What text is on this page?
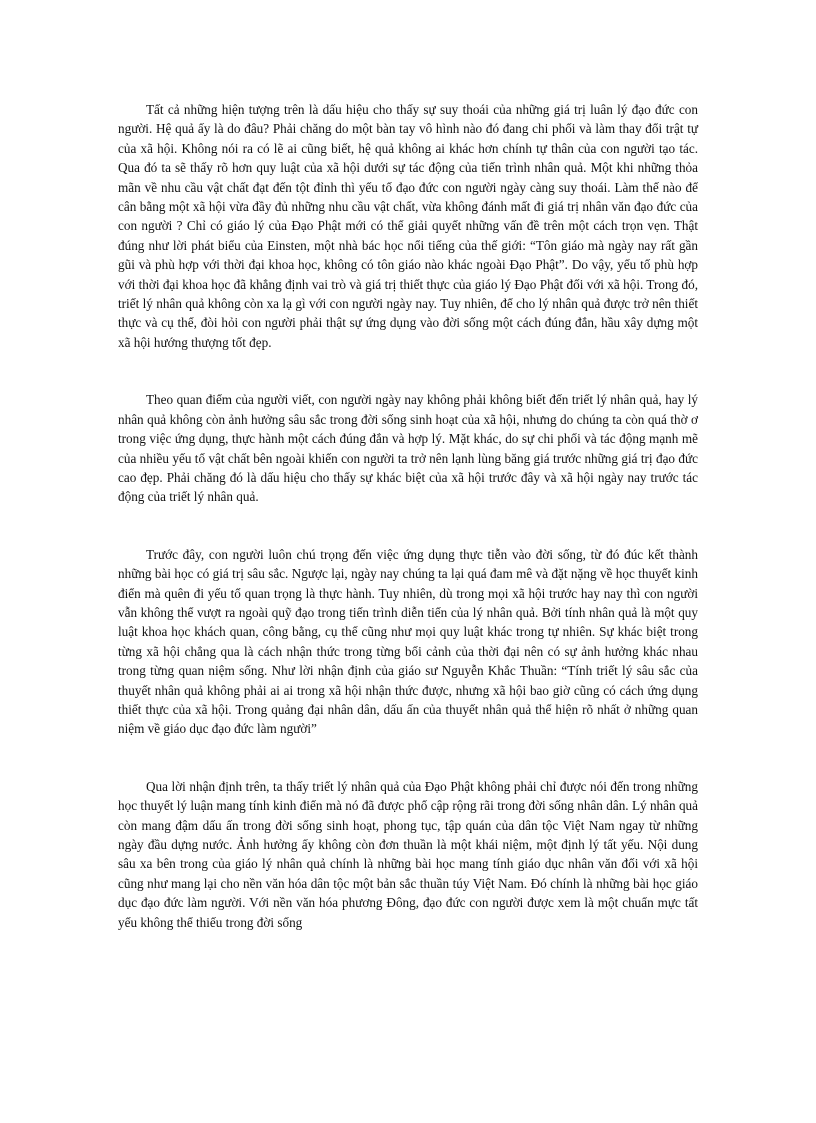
Tất cả những hiện tượng trên là dấu hiệu cho thấy sự suy thoái của những giá trị luân lý đạo đức con người. Hệ quả ấy là do đâu? Phải chăng do một bàn tay vô hình nào đó đang chi phối và làm thay đổi trật tự của xã hội. Không nói ra có lẽ ai cũng biết, hệ quả không ai khác hơn chính tự thân của con người tạo tác. Qua đó ta sẽ thấy rõ hơn quy luật của xã hội dưới sự tác động của tiến trình nhân quả. Một khi những thỏa mãn về nhu cầu vật chất đạt đến tột đỉnh thì yếu tố đạo đức con người ngày càng suy thoái. Làm thế nào để cân bằng một xã hội vừa đầy đủ những nhu cầu vật chất, vừa không đánh mất đi giá trị nhân văn đạo đức của con người ? Chỉ có giáo lý của Đạo Phật mới có thể giải quyết những vấn đề trên một cách trọn vẹn. Thật đúng như lời phát biểu của Einsten, một nhà bác học nổi tiếng của thế giới: “Tôn giáo mà ngày nay rất gần gũi và phù hợp với thời đại khoa học, không có tôn giáo nào khác ngoài Đạo Phật”. Do vậy, yếu tố phù hợp với thời đại khoa học đã khẳng định vai trò và giá trị thiết thực của giáo lý Đạo Phật đối với xã hội. Trong đó, triết lý nhân quả không còn xa lạ gì với con người ngày nay. Tuy nhiên, để cho lý nhân quả được trở nên thiết thực và cụ thể, đòi hỏi con người phải thật sự ứng dụng vào đời sống một cách đúng đắn, hầu xây dựng một xã hội hướng thượng tốt đẹp.

Theo quan điểm của người viết, con người ngày nay không phải không biết đến triết lý nhân quả, hay lý nhân quả không còn ảnh hưởng sâu sắc trong đời sống sinh hoạt của xã hội, nhưng do chúng ta còn quá thờ ơ trong việc ứng dụng, thực hành một cách đúng đắn và hợp lý. Mặt khác, do sự chi phối và tác động mạnh mẽ của nhiều yếu tố vật chất bên ngoài khiến con người ta trở nên lạnh lùng băng giá trước những giá trị đạo đức cao đẹp. Phải chăng đó là dấu hiệu cho thấy sự khác biệt của xã hội trước đây và xã hội ngày nay trước tác động của triết lý nhân quả.

Trước đây, con người luôn chú trọng đến việc ứng dụng thực tiễn vào đời sống, từ đó đúc kết thành những bài học có giá trị sâu sắc. Ngược lại, ngày nay chúng ta lại quá đam mê và đặt nặng về học thuyết kinh điển mà quên đi yếu tố quan trọng là thực hành. Tuy nhiên, dù trong mọi xã hội trước hay nay thì con người vẫn không thể vượt ra ngoài quỹ đạo trong tiến trình diễn tiến của lý nhân quả. Bởi tính nhân quả là một quy luật khoa học khách quan, công bằng, cụ thể cũng như mọi quy luật khác trong tự nhiên. Sự khác biệt trong từng xã hội chẳng qua là cách nhận thức trong từng bối cảnh của thời đại nên có sự ảnh hưởng khác nhau trong từng quan niệm sống. Như lời nhận định của giáo sư Nguyễn Khắc Thuần: “Tính triết lý sâu sắc của thuyết nhân quả không phải ai ai trong xã hội nhận thức được, nhưng xã hội bao giờ cũng có cách ứng dụng thiết thực của xã hội. Trong quảng đại nhân dân, dấu ấn của thuyết nhân quả thể hiện rõ nhất ở những quan niệm về giáo dục đạo đức làm người”

Qua lời nhận định trên, ta thấy triết lý nhân quả của Đạo Phật không phải chỉ được nói đến trong những học thuyết lý luận mang tính kinh điển mà nó đã được phổ cập rộng rãi trong đời sống nhân dân. Lý nhân quả còn mang đậm dấu ấn trong đời sống sinh hoạt, phong tục, tập quán của dân tộc Việt Nam ngay từ những ngày đầu dựng nước. Ảnh hưởng ấy không còn đơn thuần là một khái niệm, một định lý tất yếu. Nội dung sâu xa bên trong của giáo lý nhân quả chính là những bài học mang tính giáo dục nhân văn đối với xã hội cũng như mang lại cho nền văn hóa dân tộc một bản sắc thuần túy Việt Nam. Đó chính là những bài học giáo dục đạo đức làm người. Với nền văn hóa phương Đông, đạo đức con người được xem là một chuẩn mực tất yếu không thể thiếu trong đời sống
